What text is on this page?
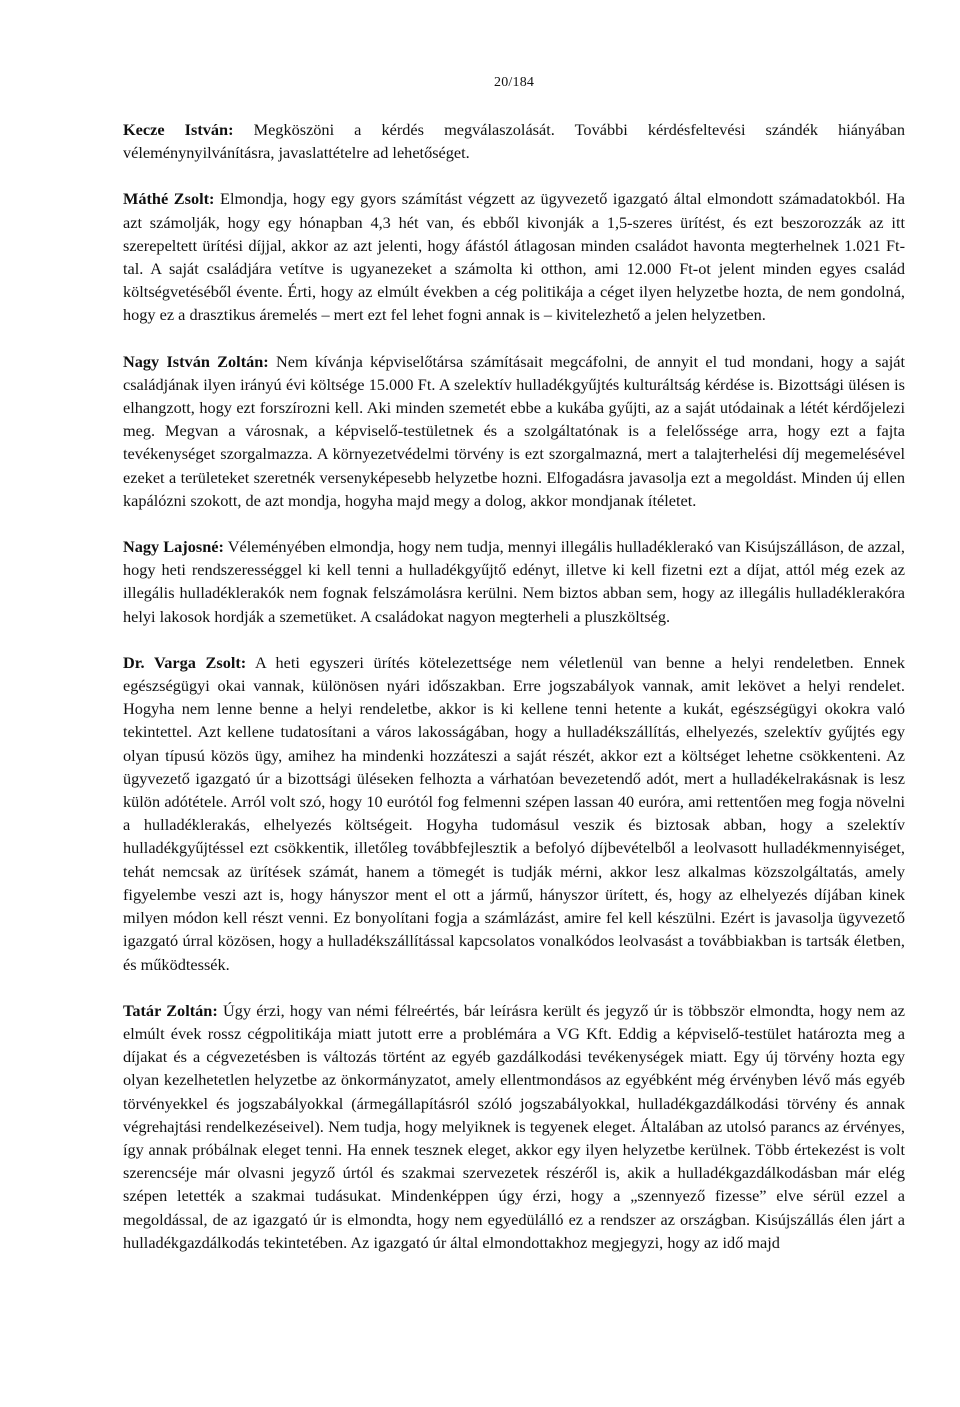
20/184

Kecze István: Megköszöni a kérdés megválaszolását. További kérdésfeltevési szándék hiányában véleménynyilvánításra, javaslattételre ad lehetőséget.

Máthé Zsolt: Elmondja, hogy egy gyors számítást végzett az ügyvezető igazgató által elmondott számadatokból. Ha azt számolják, hogy egy hónapban 4,3 hét van, és ebből kivonják a 1,5-szeres ürítést, és ezt beszorozzák az itt szerepeltett ürítési díjjal, akkor az azt jelenti, hogy áfástól átlagosan minden családot havonta megterhelnek 1.021 Ft-tal. A saját családjára vetítve is ugyanezeket a számolta ki otthon, ami 12.000 Ft-ot jelent minden egyes család költségvetéséből évente. Érti, hogy az elmúlt években a cég politikája a céget ilyen helyzetbe hozta, de nem gondolná, hogy ez a drasztikus áremelés – mert ezt fel lehet fogni annak is – kivitelezhető a jelen helyzetben.

Nagy István Zoltán: Nem kívánja képviselőtársa számításait megcáfolni, de annyit el tud mondani, hogy a saját családjának ilyen irányú évi költsége 15.000 Ft. A szelektív hulladékgyűjtés kulturáltság kérdése is. Bizottsági ülésen is elhangzott, hogy ezt forszírozni kell. Aki minden szemetét ebbe a kukába gyűjti, az a saját utódainak a létét kérdőjelezi meg. Megvan a városnak, a képviselő-testületnek és a szolgáltatónak is a felelőssége arra, hogy ezt a fajta tevékenységet szorgalmazza. A környezetvédelmi törvény is ezt szorgalmazná, mert a talajterhelési díj megemelésével ezeket a területeket szeretnék versenyképesebb helyzetbe hozni. Elfogadásra javasolja ezt a megoldást. Minden új ellen kapálózni szokott, de azt mondja, hogyha majd megy a dolog, akkor mondjanak ítéletet.

Nagy Lajosné: Véleményében elmondja, hogy nem tudja, mennyi illegális hulladéklerakó van Kisújszálláson, de azzal, hogy heti rendszerességgel ki kell tenni a hulladékgyűjtő edényt, illetve ki kell fizetni ezt a díjat, attól még ezek az illegális hulladéklerakók nem fognak felszámolásra kerülni. Nem biztos abban sem, hogy az illegális hulladéklerakóra helyi lakosok hordják a szemetüket. A családokat nagyon megterheli a pluszköltség.

Dr. Varga Zsolt: A heti egyszeri ürítés kötelezettsége nem véletlenül van benne a helyi rendeletben. Ennek egészségügyi okai vannak, különösen nyári időszakban. Erre jogszabályok vannak, amit lekövet a helyi rendelet. Hogyha nem lenne benne a helyi rendeletbe, akkor is ki kellene tenni hetente a kukát, egészségügyi okokra való tekintettel. Azt kellene tudatosítani a város lakosságában, hogy a hulladékszállítás, elhelyezés, szelektív gyűjtés egy olyan típusú közös ügy, amihez ha mindenki hozzáteszi a saját részét, akkor ezt a költséget lehetne csökkenteni. Az ügyvezető igazgató úr a bizottsági üléseken felhozta a várhatóan bevezetendő adót, mert a hulladékelrakásnak is lesz külön adótétele. Arról volt szó, hogy 10 eurótól fog felmenni szépen lassan 40 euróra, ami rettentően meg fogja növelni a hulladéklerakás, elhelyezés költségeit. Hogyha tudomásul veszik és biztosak abban, hogy a szelektív hulladékgyűjtéssel ezt csökkentik, illetőleg továbbfejlesztik a befolyó díjbevételből a leolvasott hulladékmennyiséget, tehát nemcsak az ürítések számát, hanem a tömegét is tudják mérni, akkor lesz alkalmas közszolgáltatás, amely figyelembe veszi azt is, hogy hányszor ment el ott a jármű, hányszor ürített, és, hogy az elhelyezés díjában kinek milyen módon kell részt venni. Ez bonyolítani fogja a számlázást, amire fel kell készülni. Ezért is javasolja ügyvezető igazgató úrral közösen, hogy a hulladékszállítással kapcsolatos vonalkódos leolvasást a továbbiakban is tartsák életben, és működtessék.

Tatár Zoltán: Úgy érzi, hogy van némi félreértés, bár leírásra került és jegyző úr is többször elmondta, hogy nem az elmúlt évek rossz cégpolitikája miatt jutott erre a problémára a VG Kft. Eddig a képviselő-testület határozta meg a díjakat és a cégvezetésben is változás történt az egyéb gazdálkodási tevékenységek miatt. Egy új törvény hozta egy olyan kezelhetetlen helyzetbe az önkormányzatot, amely ellentmondásos az egyébként még érvényben lévő más egyéb törvényekkel és jogszabályokkal (ármegállapításról szóló jogszabályokkal, hulladékgazdálkodási törvény és annak végrehajtási rendelkezéseivel). Nem tudja, hogy melyiknek is tegyenek eleget. Általában az utolsó parancs az érvényes, így annak próbálnak eleget tenni. Ha ennek tesznek eleget, akkor egy ilyen helyzetbe kerülnek. Több értekezést is volt szerencséje már olvasni jegyző úrtól és szakmai szervezetek részéről is, akik a hulladékgazdálkodásban már elég szépen letették a szakmai tudásukat. Mindenképpen úgy érzi, hogy a „szennyező fizesse” elve sérül ezzel a megoldással, de az igazgató úr is elmondta, hogy nem egyedülálló ez a rendszer az országban. Kisújszállás élen járt a hulladékgazdálkodás tekintetében. Az igazgató úr által elmondottakhoz megjegyzi, hogy az idő majd
